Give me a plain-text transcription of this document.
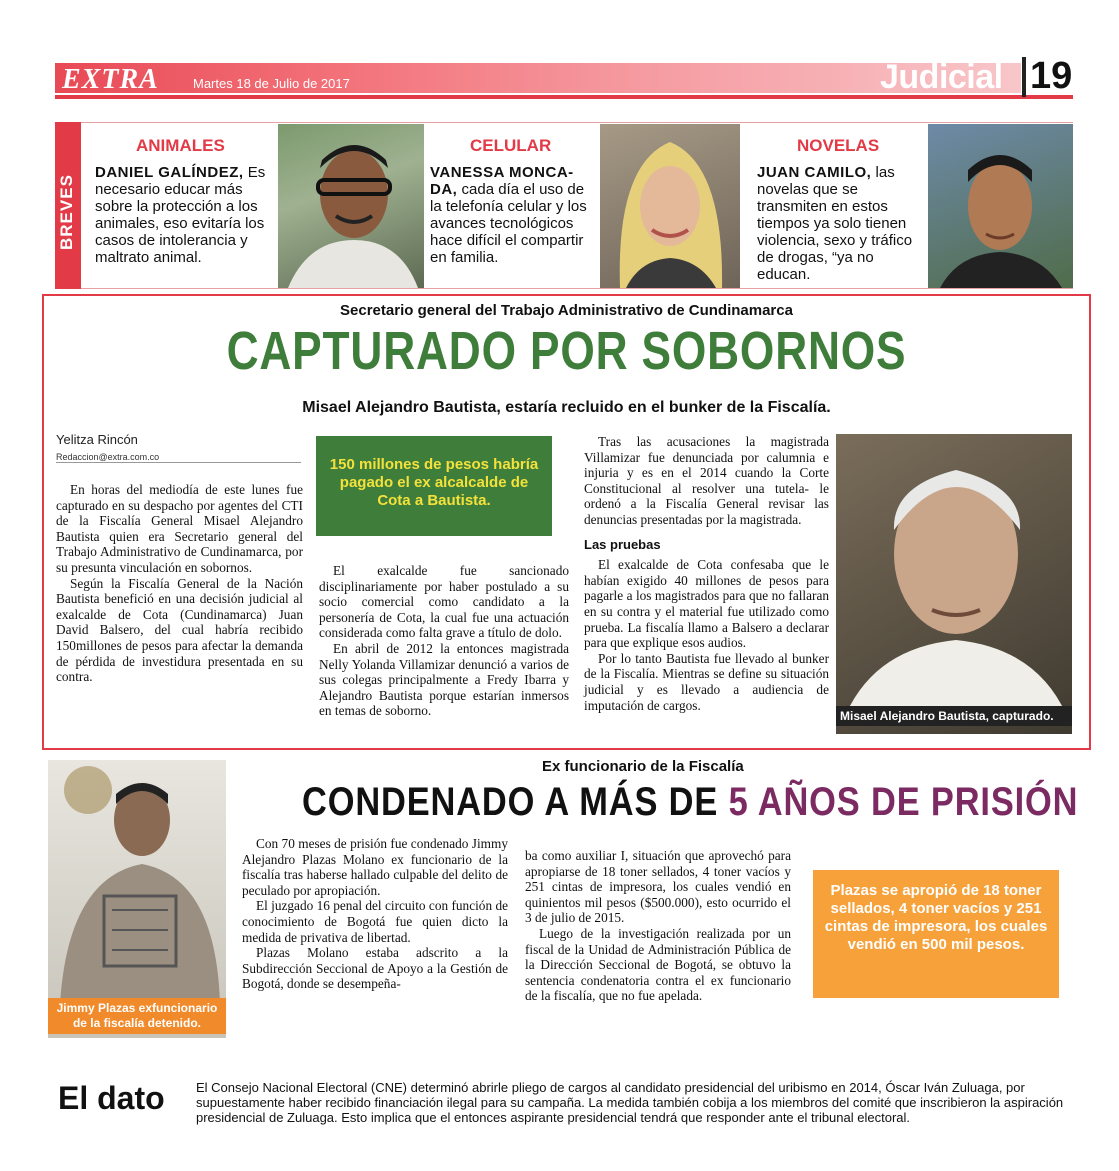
EXTRA	Martes 18 de Julio de 2017	Judicial 19
BREVES
ANIMALES
DANIEL GALÍNDEZ, Es necesario educar más sobre la protección a los animales, eso evitaría los casos de intolerancia y maltrato animal.
CELULAR
VANESSA MONCA-DA, cada día el uso de la telefonía celular y los avances tecnológicos hace difícil el compartir en familia.
NOVELAS
JUAN CAMILO, las novelas que se transmiten en estos tiempos ya solo tienen violencia, sexo y tráfico de drogas, “ya no educan.
Secretario general del Trabajo Administrativo de Cundinamarca
CAPTURADO POR SOBORNOS
Misael Alejandro Bautista, estaría recluido en el bunker de la Fiscalía.
Yelitza Rincón
Redaccion@extra.com.co

En horas del mediodía de este lunes fue capturado en su despacho por agentes del CTI de la Fiscalía General Misael Alejandro Bautista quien era Secretario general del Trabajo Administrativo de Cundinamarca, por su presunta vinculación en sobornos.

Según la Fiscalía General de la Nación Bautista benefició en una decisión judicial al exalcalde de Cota (Cundinamarca) Juan David Balsero, del cual habría recibido 150millones de pesos para afectar la demanda de pérdida de investidura presentada en su contra.

150 millones de pesos habría pagado el ex alcalcalde de Cota a Bautista.

El exalcalde fue sancionado disciplinariamente por haber postulado a su socio comercial como candidato a la personería de Cota, la cual fue una actuación considerada como falta grave a título de dolo.

En abril de 2012 la entonces magistrada Nelly Yolanda Villamizar denunció a varios de sus colegas principalmente a Fredy Ibarra y Alejandro Bautista porque estarían inmersos en temas de soborno.

Tras las acusaciones la magistrada Villamizar fue denunciada por calumnia e injuria y es en el 2014 cuando la Corte Constitucional al resolver una tutela- le ordenó a la Fiscalía General revisar las denuncias presentadas por la magistrada.

Las pruebas

El exalcalde de Cota confesaba que le habían exigido 40 millones de pesos para pagarle a los magistrados para que no fallaran en su contra y el material fue utilizado como prueba. La fiscalía llamo a Balsero a declarar para que explique esos audios.

Por lo tanto Bautista fue llevado al bunker de la Fiscalía. Mientras se define su situación judicial y es llevado a audiencia de imputación de cargos.

Misael Alejandro Bautista, capturado.
Ex funcionario de la Fiscalía
CONDENADO A MÁS DE 5 AÑOS DE PRISIÓN
Jimmy Plazas exfuncionario de la fiscalía detenido.

Con 70 meses de prisión fue condenado Jimmy Alejandro Plazas Molano ex funcionario de la fiscalía tras haberse hallado culpable del delito de peculado por apropiación.

El juzgado 16 penal del circuito con función de conocimiento de Bogotá fue quien dicto la medida de privativa de libertad.

Plazas Molano estaba adscrito a la Subdirección Seccional de Apoyo a la Gestión de Bogotá, donde se desempeña-

ba como auxiliar I, situación que aprovechó para apropiarse de 18 toner sellados, 4 toner vacíos y 251 cintas de impresora, los cuales vendió en quinientos mil pesos ($500.000), esto ocurrido el 3 de julio de 2015.

Luego de la investigación realizada por un fiscal de la Unidad de Administración Pública de la Dirección Seccional de Bogotá, se obtuvo la sentencia condenatoria contra el ex funcionario de la fiscalía, que no fue apelada.

Plazas se apropió de 18 toner sellados, 4 toner vacíos y 251 cintas de impresora, los cuales vendió en 500 mil pesos.
El dato El Consejo Nacional Electoral (CNE) determinó abrirle pliego de cargos al candidato presidencial del uribismo en 2014, Óscar Iván Zuluaga, por supuestamente haber recibido financiación ilegal para su campaña. La medida también cobija a los miembros del comité que inscribieron la aspiración presidencial de Zuluaga. Esto implica que el entonces aspirante presidencial tendrá que responder ante el tribunal electoral.
